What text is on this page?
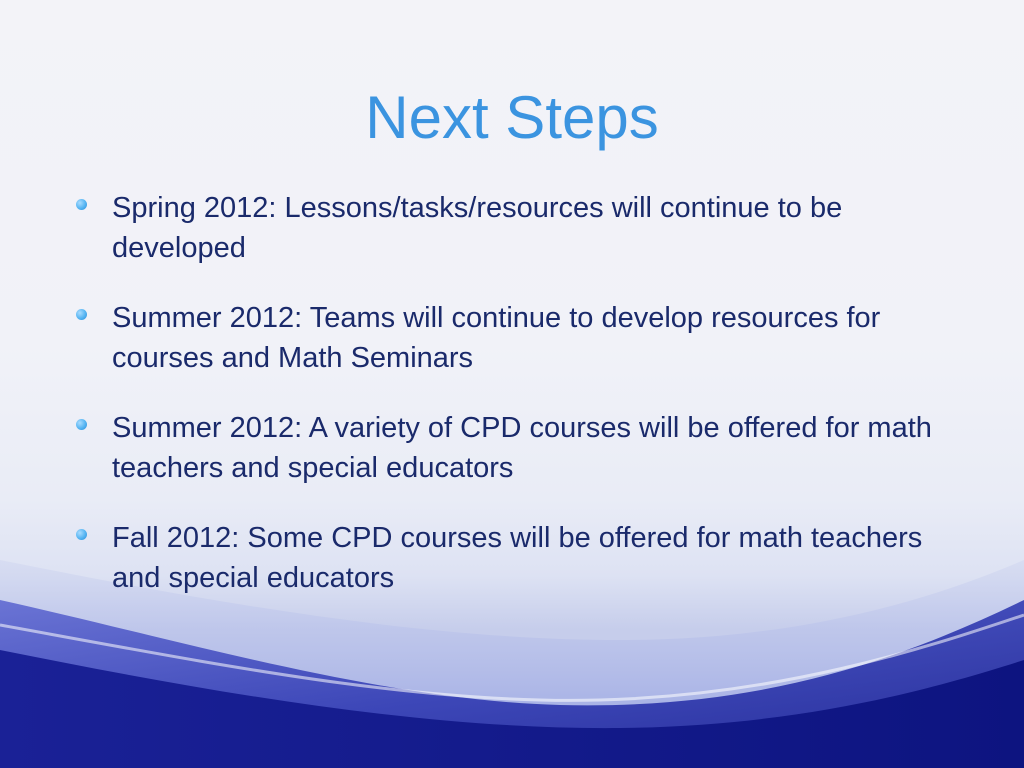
Next Steps
Spring 2012: Lessons/tasks/resources will continue to be developed
Summer 2012: Teams will continue to develop resources for courses and Math Seminars
Summer 2012: A variety of CPD courses will be offered for math teachers and special educators
Fall 2012: Some CPD courses will be offered for math teachers and special educators
